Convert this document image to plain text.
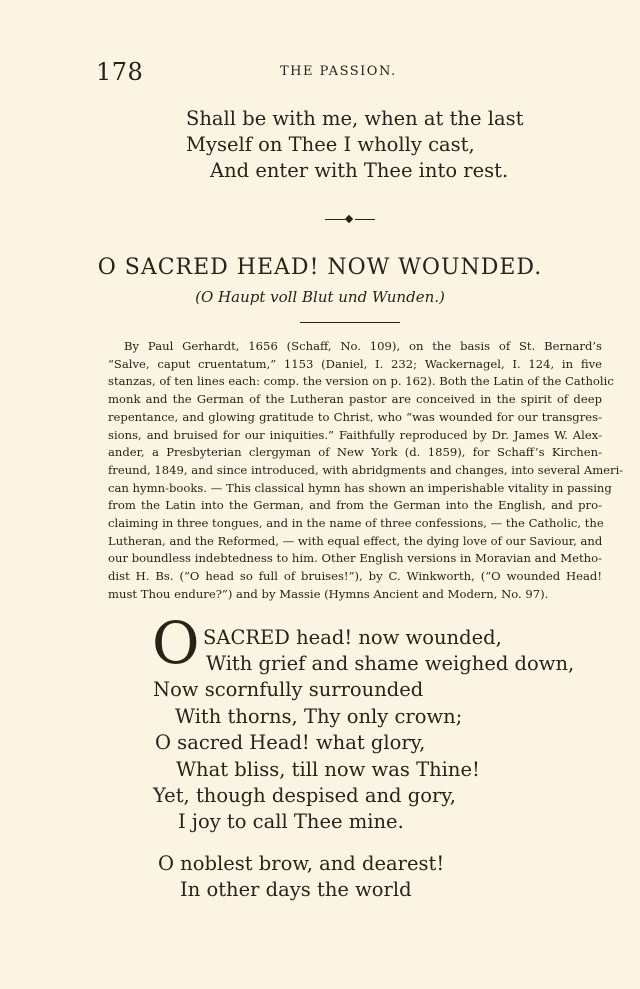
178	THE PASSION.
Shall be with me, when at the last
Myself on Thee I wholly cast,
And enter with Thee into rest.
O SACRED HEAD! NOW WOUNDED.
(O Haupt voll Blut und Wunden.)
By Paul Gerhardt, 1656 (Schaff, No. 109), on the basis of St. Bernard’s
“Salve, caput cruentatum,” 1153 (Daniel, I. 232; Wackernagel, I. 124, in five
stanzas, of ten lines each: comp. the version on p. 162). Both the Latin of the Catholic
monk and the German of the Lutheran pastor are conceived in the spirit of deep
repentance, and glowing gratitude to Christ, who “was wounded for our transgres-
sions, and bruised for our iniquities.” Faithfully reproduced by Dr. James W. Alex-
ander, a Presbyterian clergyman of New York (d. 1859), for Schaff’s Kirchen-
freund, 1849, and since introduced, with abridgments and changes, into several Ameri-
can hymn-books. — This classical hymn has shown an imperishable vitality in passing
from the Latin into the German, and from the German into the English, and pro-
claiming in three tongues, and in the name of three confessions, — the Catholic, the
Lutheran, and the Reformed, — with equal effect, the dying love of our Saviour, and
our boundless indebtedness to him. Other English versions in Moravian and Metho-
dist H. Bs. (“O head so full of bruises!”), by C. Winkworth, (“O wounded Head!
must Thou endure?”) and by Massie (Hymns Ancient and Modern, No. 97).
O SACRED head! now wounded,
With grief and shame weighed down,
Now scornfully surrounded
With thorns, Thy only crown;
O sacred Head! what glory,
What bliss, till now was Thine!
Yet, though despised and gory,
I joy to call Thee mine.
O noblest brow, and dearest!
In other days the world
